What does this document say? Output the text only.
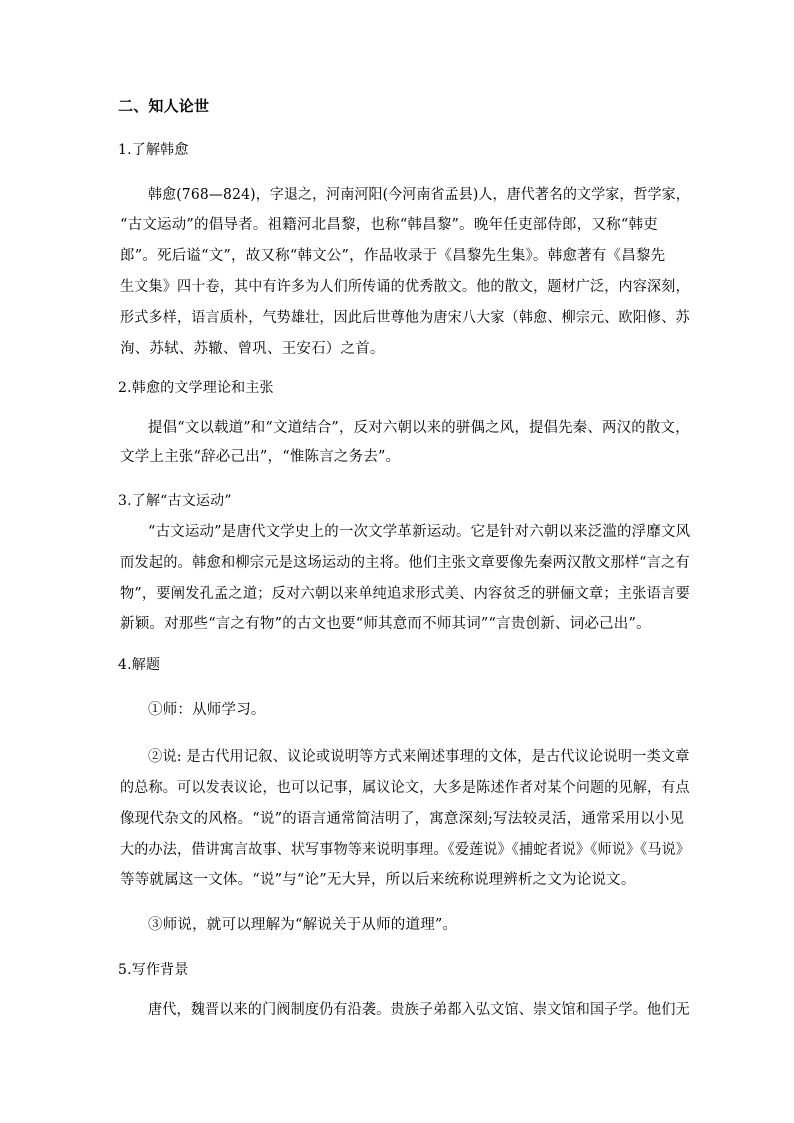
二、知人论世
1.了解韩愈
韩愈(768—824)，字退之，河南河阳(今河南省孟县)人，唐代著名的文学家，哲学家，
“古文运动”的倡导者。祖籍河北昌黎，也称“韩昌黎”。晚年任吏部侍郎，又称“韩吏
郎”。死后谥“文”，故又称“韩文公”，作品收录于《昌黎先生集》。韩愈著有《昌黎先
生文集》四十卷，其中有许多为人们所传诵的优秀散文。他的散文，题材广泛，内容深刻，
形式多样，语言质朴，气势雄壮，因此后世尊他为唐宋八大家（韩愈、柳宗元、欧阳修、苏
洵、苏轼、苏辙、曾巩、王安石）之首。
2.韩愈的文学理论和主张
提倡“文以载道”和“文道结合”，反对六朝以来的骈偶之风，提倡先秦、两汉的散文，
文学上主张“辞必己出”，“惟陈言之务去”。
3.了解“古文运动”
“古文运动”是唐代文学史上的一次文学革新运动。它是针对六朝以来泛滥的浮靡文风
而发起的。韩愈和柳宗元是这场运动的主将。他们主张文章要像先秦两汉散文那样“言之有
物”，要阐发孔孟之道；反对六朝以来单纯追求形式美、内容贫乏的骈俪文章；主张语言要
新颖。对那些“言之有物”的古文也要“师其意而不师其词”“言贵创新、词必己出”。
4.解题
①师：从师学习。
②说: 是古代用记叙、议论或说明等方式来阐述事理的文体，是古代议论说明一类文章
的总称。可以发表议论，也可以记事，属议论文，大多是陈述作者对某个问题的见解，有点
像现代杂文的风格。“说”的语言通常简洁明了，寓意深刻;写法较灵活，通常采用以小见
大的办法，借讲寓言故事、状写事物等来说明事理。《爱莲说》《捕蛇者说》《师说》《马说》
等等就属这一文体。“说”与“论”无大异，所以后来统称说理辨析之文为论说文。
③师说，就可以理解为“解说关于从师的道理”。
5.写作背景
唐代，魏晋以来的门阀制度仍有沿袭。贵族子弟都入弘文馆、崇文馆和国子学。他们无
